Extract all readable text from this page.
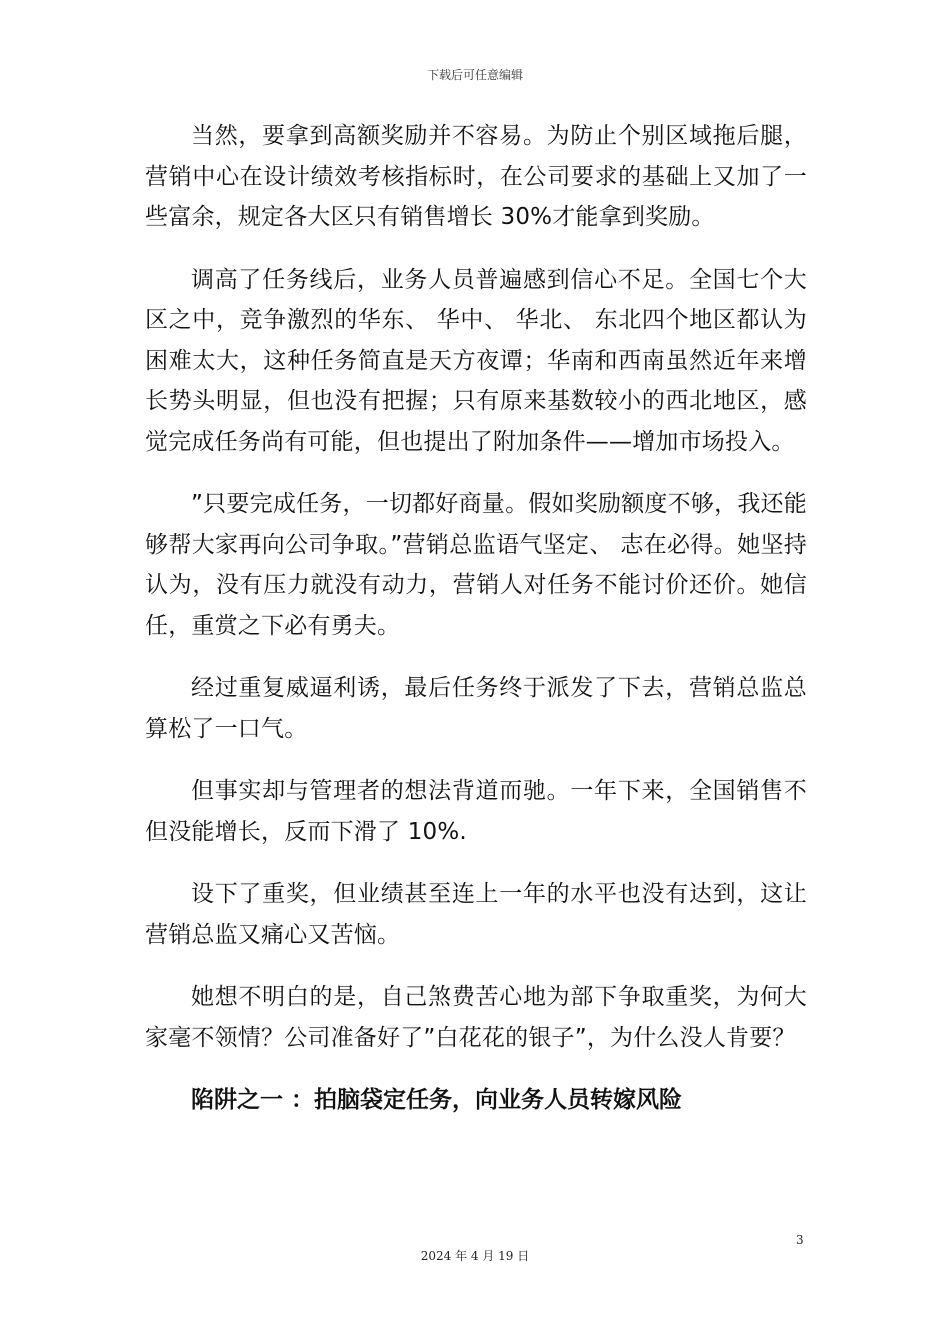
下载后可任意编辑

当然，要拿到高额奖励并不容易。为防止个别区域拖后腿，营销中心在设计绩效考核指标时，在公司要求的基础上又加了一些富余，规定各大区只有销售增长 30%才能拿到奖励。

调高了任务线后，业务人员普遍感到信心不足。全国七个大区之中，竞争激烈的华东、 华中、 华北、 东北四个地区都认为困难太大，这种任务简直是天方夜谭；华南和西南虽然近年来增长势头明显，但也没有把握；只有原来基数较小的西北地区，感觉完成任务尚有可能，但也提出了附加条件——增加市场投入。

”只要完成任务，一切都好商量。假如奖励额度不够，我还能够帮大家再向公司争取。”营销总监语气坚定、 志在必得。她坚持认为，没有压力就没有动力，营销人对任务不能讨价还价。她信任，重赏之下必有勇夫。

经过重复威逼利诱，最后任务终于派发了下去，营销总监总算松了一口气。

但事实却与管理者的想法背道而驰。一年下来，全国销售不但没能增长，反而下滑了 10%.

设下了重奖，但业绩甚至连上一年的水平也没有达到，这让营销总监又痛心又苦恼。

她想不明白的是，自己煞费苦心地为部下争取重奖，为何大家毫不领情？公司准备好了”白花花的银子”，为什么没人肯要？

陷阱之一 ：拍脑袋定任务，向业务人员转嫁风险
3
2024 年 4 月 19 日
